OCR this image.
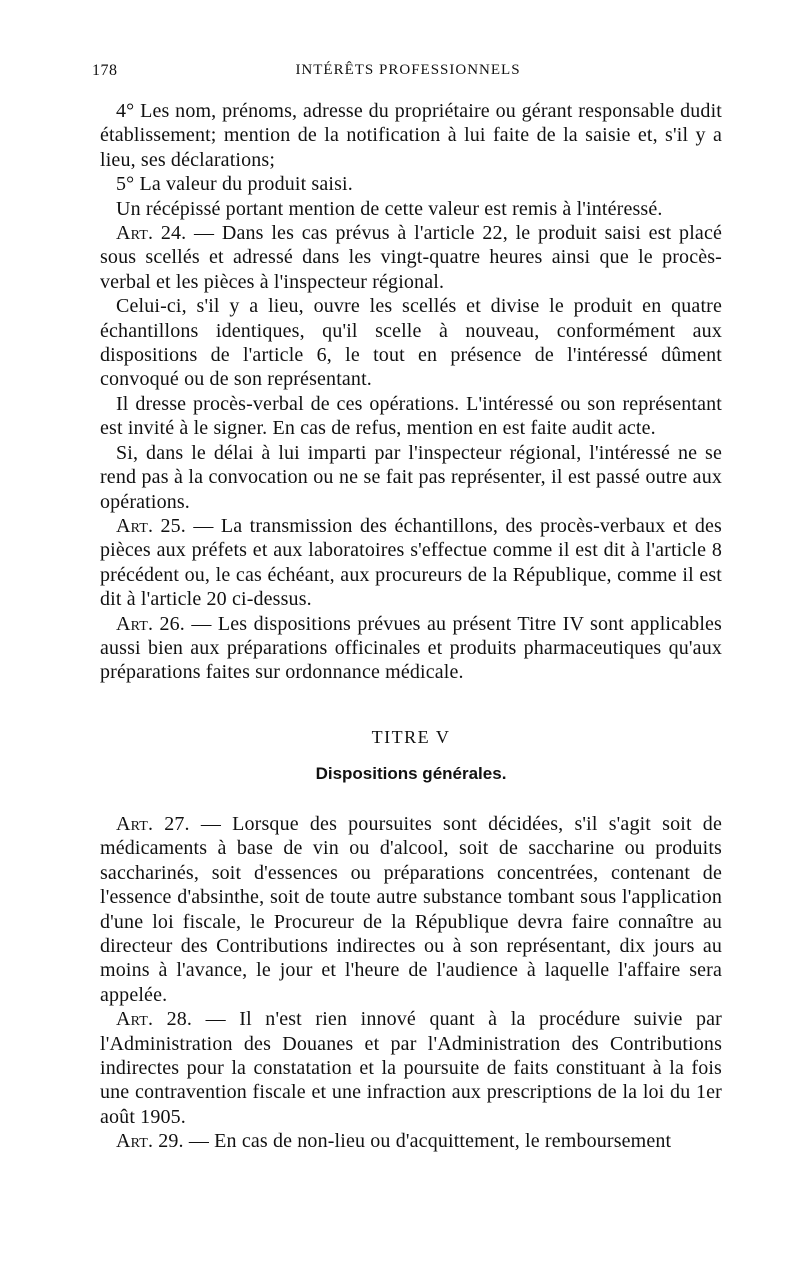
178	INTÉRÊTS PROFESSIONNELS

4° Les nom, prénoms, adresse du propriétaire ou gérant responsable dudit établissement; mention de la notification à lui faite de la saisie et, s'il y a lieu, ses déclarations;

5° La valeur du produit saisi.

Un récépissé portant mention de cette valeur est remis à l'intéressé.

Art. 24. — Dans les cas prévus à l'article 22, le produit saisi est placé sous scellés et adressé dans les vingt-quatre heures ainsi que le procès-verbal et les pièces à l'inspecteur régional.

Celui-ci, s'il y a lieu, ouvre les scellés et divise le produit en quatre échantillons identiques, qu'il scelle à nouveau, conformément aux dispositions de l'article 6, le tout en présence de l'intéressé dûment convoqué ou de son représentant.

Il dresse procès-verbal de ces opérations. L'intéressé ou son représentant est invité à le signer. En cas de refus, mention en est faite audit acte.

Si, dans le délai à lui imparti par l'inspecteur régional, l'intéressé ne se rend pas à la convocation ou ne se fait pas représenter, il est passé outre aux opérations.

Art. 25. — La transmission des échantillons, des procès-verbaux et des pièces aux préfets et aux laboratoires s'effectue comme il est dit à l'article 8 précédent ou, le cas échéant, aux procureurs de la République, comme il est dit à l'article 20 ci-dessus.

Art. 26. — Les dispositions prévues au présent Titre IV sont applicables aussi bien aux préparations officinales et produits pharmaceutiques qu'aux préparations faites sur ordonnance médicale.

TITRE V
Dispositions générales.

Art. 27. — Lorsque des poursuites sont décidées, s'il s'agit soit de médicaments à base de vin ou d'alcool, soit de saccharine ou produits saccharinés, soit d'essences ou préparations concentrées, contenant de l'essence d'absinthe, soit de toute autre substance tombant sous l'application d'une loi fiscale, le Procureur de la République devra faire connaître au directeur des Contributions indirectes ou à son représentant, dix jours au moins à l'avance, le jour et l'heure de l'audience à laquelle l'affaire sera appelée.

Art. 28. — Il n'est rien innové quant à la procédure suivie par l'Administration des Douanes et par l'Administration des Contributions indirectes pour la constatation et la poursuite de faits constituant à la fois une contravention fiscale et une infraction aux prescriptions de la loi du 1er août 1905.

Art. 29. — En cas de non-lieu ou d'acquittement, le remboursement
